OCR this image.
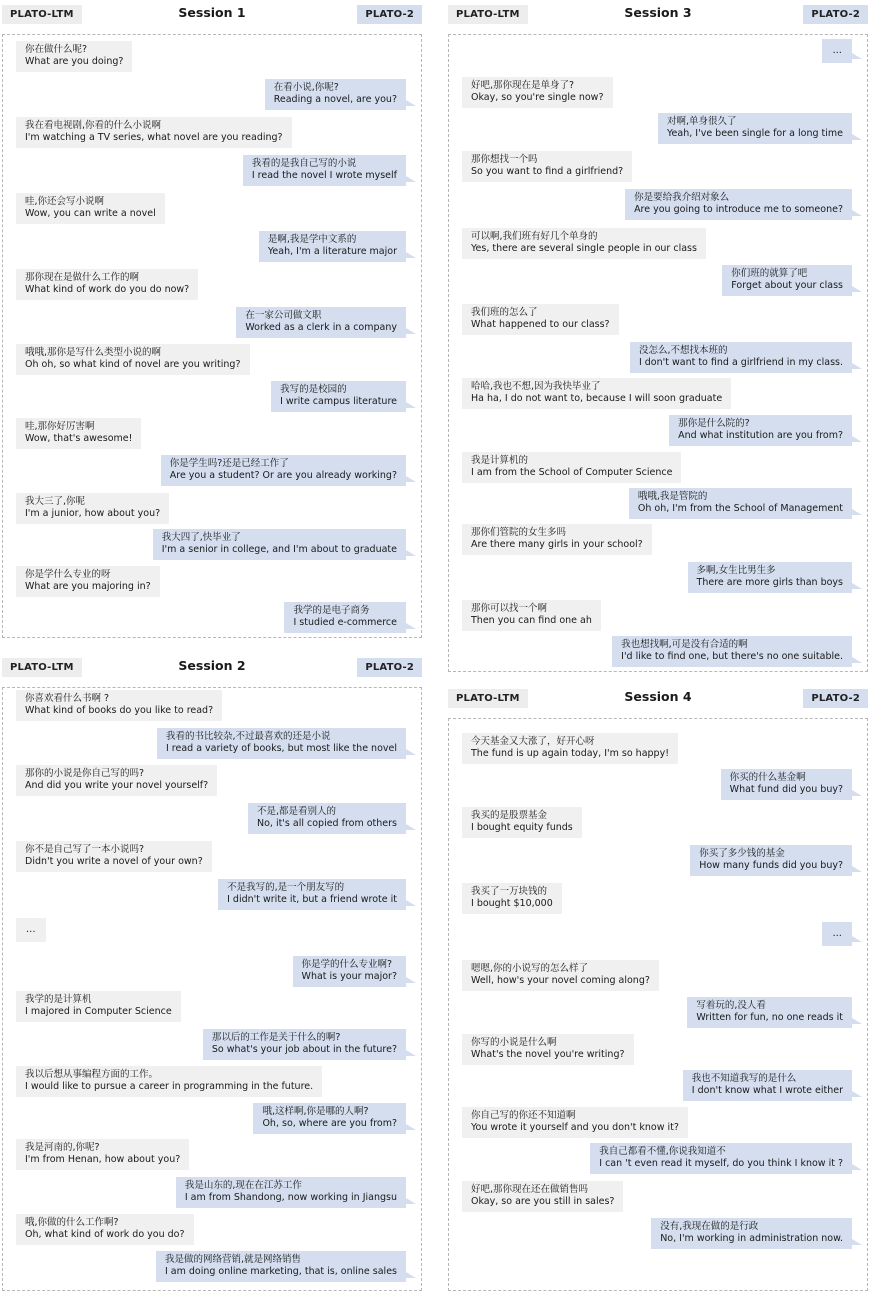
PLATO-LTM	Session 1	PLATO-2
你在做什么呢?
What are you doing?
在看小说,你呢?
Reading a novel, are you?
我在看电视剧,你看的什么小说啊
I'm watching a TV series, what novel are you reading?
我看的是我自己写的小说
I read the novel I wrote myself
哇,你还会写小说啊
Wow, you can write a novel
是啊,我是学中文系的
Yeah, I'm a literature major
那你现在是做什么工作的啊
What kind of work do you do now?
在一家公司做文职
Worked as a clerk in a company
哦哦,那你是写什么类型小说的啊
Oh oh, so what kind of novel are you writing?
我写的是校园的
I write campus literature
哇,那你好厉害啊
Wow, that's awesome!
你是学生吗?还是已经工作了
Are you a student? Or are you already working?
我大三了,你呢
I'm a junior, how about you?
我大四了,快毕业了
I'm a senior in college, and I'm about to graduate
你是学什么专业的呀
What are you majoring in?
我学的是电子商务
I studied e-commerce
PLATO-LTM	Session 2	PLATO-2
你喜欢看什么书啊 ?
What kind of books do you like to read?
我看的书比较杂,不过最喜欢的还是小说
I read a variety of books, but most like the novel
那你的小说是你自己写的吗?
And did you write your novel yourself?
不是,都是看别人的
No, it's all copied from others
你不是自己写了一本小说吗?
Didn't you write a novel of your own?
不是我写的,是一个朋友写的
I didn't write it, but a friend wrote it
...
你是学的什么专业啊?
What is your major?
我学的是计算机
I majored in Computer Science
那以后的工作是关于什么的啊?
So what's your job about in the future?
我以后想从事编程方面的工作。
I would like to pursue a career in programming in the future.
哦,这样啊,你是哪的人啊?
Oh, so, where are you from?
我是河南的,你呢?
I'm from Henan, how about you?
我是山东的,现在在江苏工作
I am from Shandong, now working in Jiangsu
哦,你做的什么工作啊?
Oh, what kind of work do you do?
我是做的网络营销,就是网络销售
I am doing online marketing, that is, online sales
PLATO-LTM	Session 3	PLATO-2
...
好吧,那你现在是单身了?
Okay, so you're single now?
对啊,单身很久了
Yeah, I've been single for a long time
那你想找一个吗
So you want to find a girlfriend?
你是要给我介绍对象么
Are you going to introduce me to someone?
可以啊,我们班有好几个单身的
Yes, there are several single people in our class
你们班的就算了吧
Forget about your class
我们班的怎么了
What happened to our class?
没怎么,不想找本班的
I don't want to find a girlfriend in my class.
哈哈,我也不想,因为我快毕业了
Ha ha, I do not want to, because I will soon graduate
那你是什么院的?
And what institution are you from?
我是计算机的
I am from the School of Computer Science
哦哦,我是管院的
Oh oh, I'm from the School of Management
那你们管院的女生多吗
Are there many girls in your school?
多啊,女生比男生多
There are more girls than boys
那你可以找一个啊
Then you can find one ah
我也想找啊,可是没有合适的啊
I'd like to find one, but there's no one suitable.
PLATO-LTM	Session 4	PLATO-2
今天基金又大涨了，好开心呀
The fund is up again today, I'm so happy!
你买的什么基金啊
What fund did you buy?
我买的是股票基金
I bought equity funds
你买了多少钱的基金
How many funds did you buy?
我买了一万块钱的
I bought $10,000
...
嗯嗯,你的小说写的怎么样了
Well, how's your novel coming along?
写着玩的,没人看
Written for fun, no one reads it
你写的小说是什么啊
What's the novel you're writing?
我也不知道我写的是什么
I don't know what I wrote either
你自己写的你还不知道啊
You wrote it yourself and you don't know it?
我自己都看不懂,你说我知道不
I can 't even read it myself, do you think I know it ?
好吧,那你现在还在做销售吗
Okay, so are you still in sales?
没有,我现在做的是行政
No, I'm working in administration now.
